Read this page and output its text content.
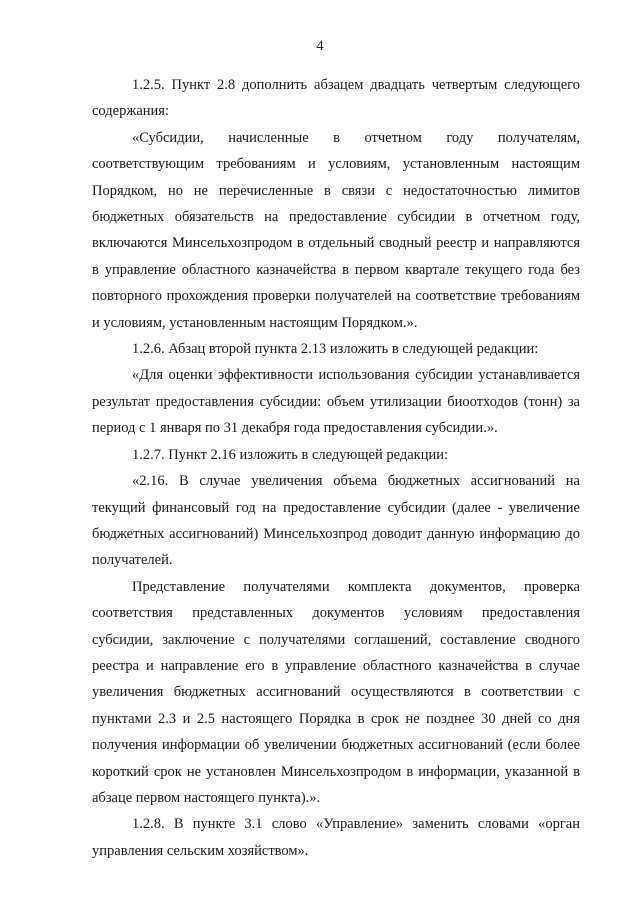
4

1.2.5. Пункт 2.8 дополнить абзацем двадцать четвертым следующего содержания:

«Субсидии, начисленные в отчетном году получателям, соответствующим требованиям и условиям, установленным настоящим Порядком, но не перечисленные в связи с недостаточностью лимитов бюджетных обязательств на предоставление субсидии в отчетном году, включаются Минсельхозпродом в отдельный сводный реестр и направляются в управление областного казначейства в первом квартале текущего года без повторного прохождения проверки получателей на соответствие требованиям и условиям, установленным настоящим Порядком.».

1.2.6. Абзац второй пункта 2.13 изложить в следующей редакции:

«Для оценки эффективности использования субсидии устанавливается результат предоставления субсидии: объем утилизации биоотходов (тонн) за период с 1 января по 31 декабря года предоставления субсидии.».

1.2.7. Пункт 2.16 изложить в следующей редакции:

«2.16. В случае увеличения объема бюджетных ассигнований на текущий финансовый год на предоставление субсидии (далее - увеличение бюджетных ассигнований) Минсельхозпрод доводит данную информацию до получателей.

Представление получателями комплекта документов, проверка соответствия представленных документов условиям предоставления субсидии, заключение с получателями соглашений, составление сводного реестра и направление его в управление областного казначейства в случае увеличения бюджетных ассигнований осуществляются в соответствии с пунктами 2.3 и 2.5 настоящего Порядка в срок не позднее 30 дней со дня получения информации об увеличении бюджетных ассигнований (если более короткий срок не установлен Минсельхозпродом в информации, указанной в абзаце первом настоящего пункта).».

1.2.8. В пункте 3.1 слово «Управление» заменить словами «орган управления сельским хозяйством».
